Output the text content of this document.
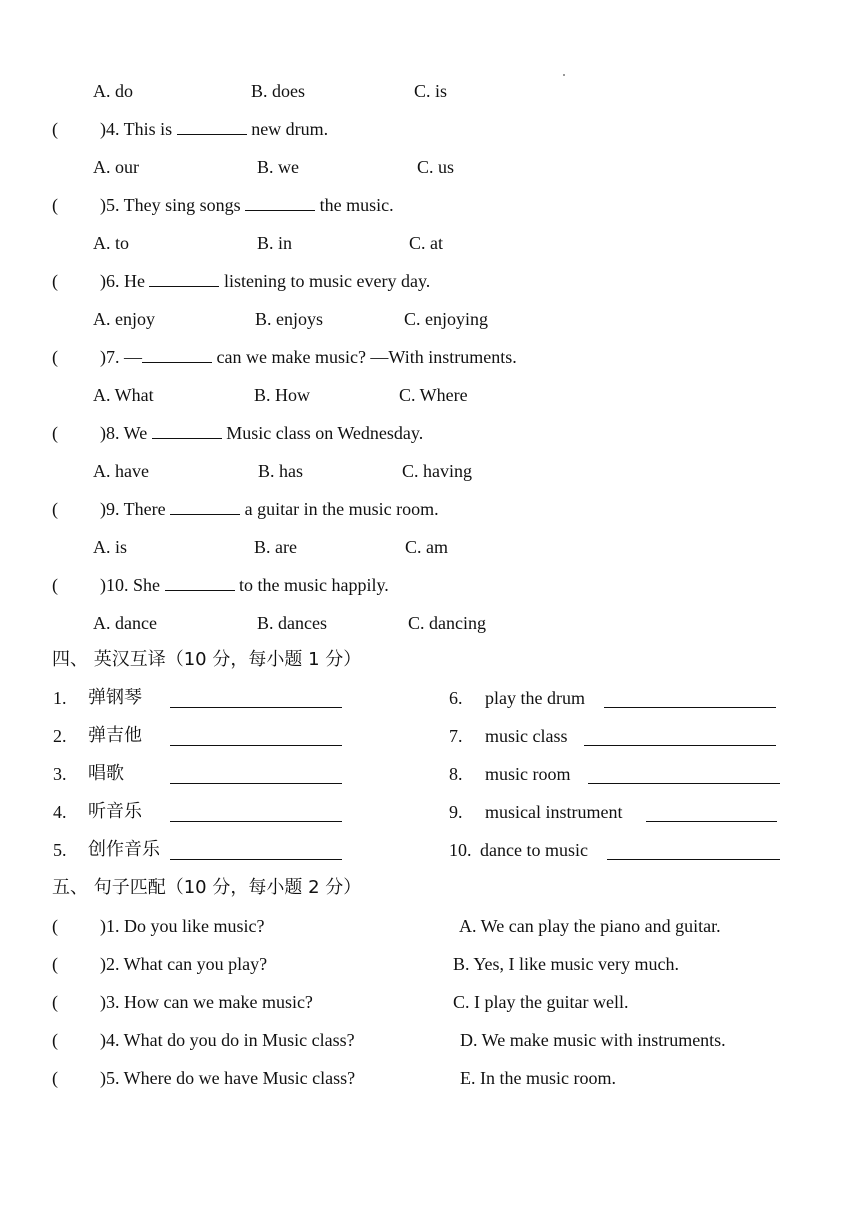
A. do	B. does	C. is
( )4. This is	new drum.
A. our	B. we	C. us
( )5. They sing songs	the music.
A. to	B. in	C. at
( )6. He	listening to music every day.
A. enjoy	B. enjoys	C. enjoying
( )7. —	can we make music? —With instruments.
A. What	B. How	C. Where
( )8. We	Music class on Wednesday.
A. have	B. has	C. having
( )9. There	a guitar in the music room.
A. is	B. are	C. am
( )10. She	to the music happily.
A. dance	B. dances	C. dancing
四、 英汉互译（10 分，每小题 1 分）
1. 弹钢琴	6. play the drum
2. 弹吉他	7. music class
3. 唱歌	8. music room
4. 听音乐	9. musical instrument
5. 创作音乐	10. dance to music
五、 句子匹配（10 分，每小题 2 分）
( )1. Do you like music?	A. We can play the piano and guitar.
( )2. What can you play?	B. Yes, I like music very much.
( )3. How can we make music?	C. I play the guitar well.
( )4. What do you do in Music class?	D. We make music with instruments.
( )5. Where do we have Music class?	E. In the music room.
